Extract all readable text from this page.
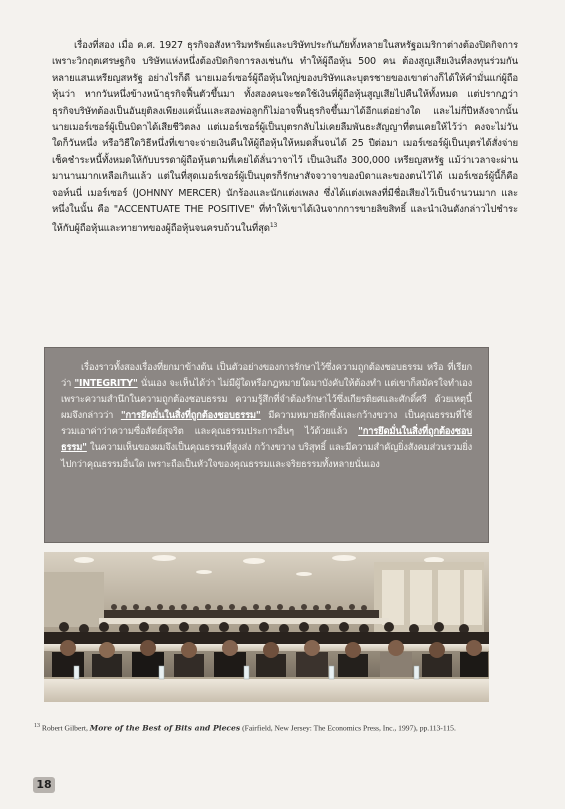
เรื่องที่สอง เมื่อ ค.ศ. 1927 ธุรกิจอสังหาริมทรัพย์และบริษัทประกันภัยทั้งหลายในสหรัฐอเมริกาต่างต้องปิดกิจการ เพราะวิกฤตเศรษฐกิจ บริษัทแห่งหนึ่งต้องปิดกิจการลงเช่นกัน ทำให้ผู้ถือหุ้น 500 คน ต้องสูญเสียเงินที่ลงทุนร่วมกันหลายแสนเหรียญสหรัฐ อย่างไรก็ดี นายเมอร์เซอร์ผู้ถือหุ้นใหญ่ของบริษัทและบุตรชายของเขาต่างก็ได้ให้คำมั่นแก่ผู้ถือหุ้นว่า หากวันหนึ่งข้างหน้าธุรกิจฟื้นตัวขึ้นมา ทั้งสองคนจะชดใช้เงินที่ผู้ถือหุ้นสูญเสียไปคืนให้ทั้งหมด แต่ปรากฏว่าธุรกิจบริษัทต้องเป็นอันยุติลงเพียงแค่นั้นและสองพ่อลูกก็ไม่อาจฟื้นธุรกิจขึ้นมาได้อีกแต่อย่างใด และไม่กี่ปีหลังจากนั้นนายเมอร์เซอร์ผู้เป็นบิดาได้เสียชีวิตลง แต่เมอร์เซอร์ผู้เป็นบุตรกลับไม่เคยลืมพันธะสัญญาที่ตนเคยให้ไว้ว่า คงจะไม่วันใดก็วันหนึ่ง หรือวิธีใดวิธีหนึ่งที่เขาจะจ่ายเงินคืนให้ผู้ถือหุ้นให้หมดสิ้นจนได้ 25 ปีต่อมา เมอร์เซอร์ผู้เป็นบุตรได้สั่งจ่ายเช็คชำระหนี้ทั้งหมดให้กับบรรดาผู้ถือหุ้นตามที่เคยได้ลั่นวาจาไว้ เป็นเงินถึง 300,000 เหรียญสหรัฐ แม้ว่าเวลาจะผ่านมานานมากเหลือเกินแล้ว แต่ในที่สุดเมอร์เซอร์ผู้เป็นบุตรก็รักษาสัจจวาจาของบิดาและของตนไว้ได้ เมอร์เซอร์ผู้นี้ก็คือ จอห์นนี่ เมอร์เซอร์ (JOHNNY MERCER) นักร้องและนักแต่งเพลง ซึ่งได้แต่งเพลงที่มีชื่อเสียงไว้เป็นจำนวนมาก และหนึ่งในนั้น คือ "ACCENTUATE THE POSITIVE" ที่ทำให้เขาได้เงินจากการขายลิขสิทธิ์ และนำเงินดังกล่าวไปชำระให้กับผู้ถือหุ้นและทายาทของผู้ถือหุ้นจนครบถ้วนในที่สุด$^{13}$

เรื่องราวทั้งสองเรื่องที่ยกมาข้างต้น เป็นตัวอย่างของการรักษาไว้ซึ่งความถูกต้องชอบธรรม หรือ ที่เรียกว่า "INTEGRITY" นั่นเอง จะเห็นได้ว่า ไม่มีผู้ใดหรือกฎหมายใดมาบังคับให้ต้องทำ แต่เขาก็สมัครใจทำเองเพราะความสำนึกในความถูกต้องชอบธรรม ความรู้สึกที่จำต้องรักษาไว้ซึ่งเกียรติยศและศักดิ์ศรี ด้วยเหตุนี้ ผมจึงกล่าวว่า "การยึดมั่นในสิ่งที่ถูกต้องชอบธรรม" มีความหมายลึกซึ้งและกว้างขวาง เป็นคุณธรรมที่ใช้รวมเอาค่าว่าความซื่อสัตย์สุจริต และคุณธรรมประการอื่นๆ ไว้ด้วยแล้ว "การยึดมั่นในสิ่งที่ถูกต้องชอบธรรม" ในความเห็นของผมจึงเป็นคุณธรรมที่สูงส่ง กว้างขวาง บริสุทธิ์ และมีความสำคัญยิ่งสังคมส่วนรวมยิ่งไปกว่าคุณธรรมอื่นใด เพราะถือเป็นหัวใจของคุณธรรมและจริยธรรมทั้งหลายนั่นเอง

$^{13}$ Robert Gilbert, More of the Best of Bits and Pieces (Fairfield, New Jersey: The Economics Press, Inc., 1997), pp.113-115.

18
